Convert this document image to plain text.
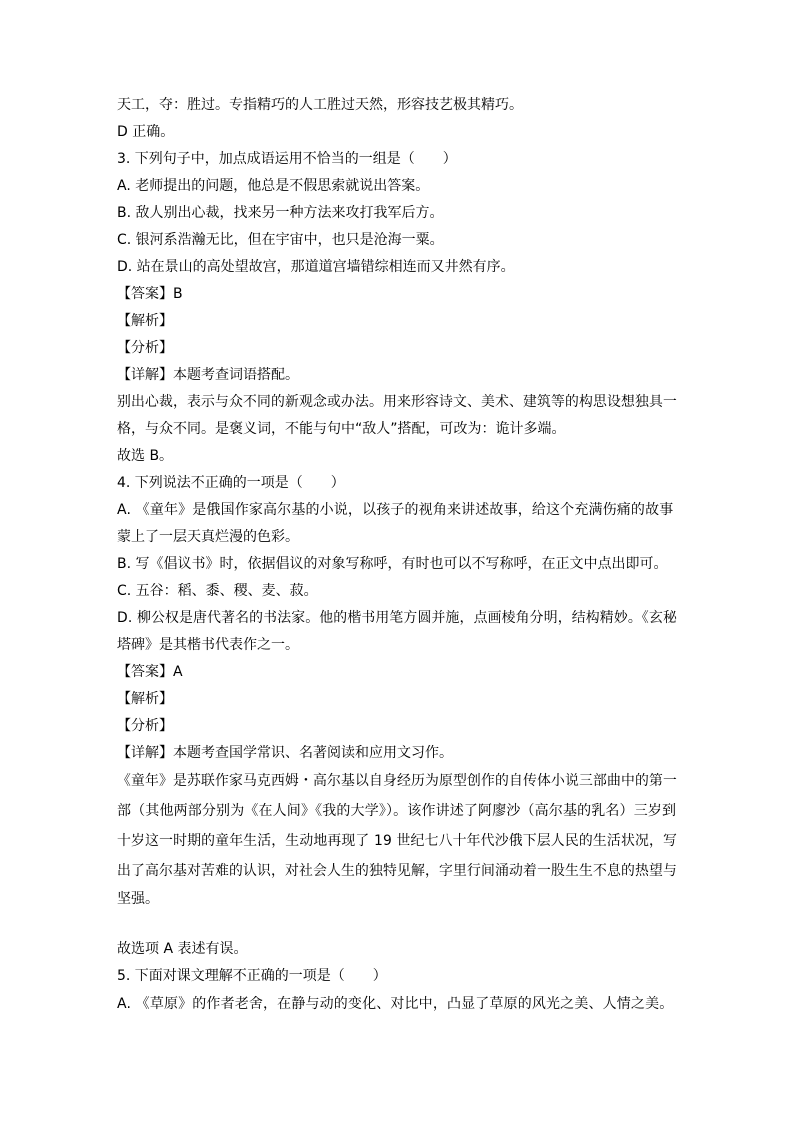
天工，夺：胜过。专指精巧的人工胜过天然，形容技艺极其精巧。
D 正确。
3. 下列句子中，加点成语运用不恰当的一组是（　　）
A. 老师提出的问题，他总是不假思索就说出答案。
B. 敌人别出心裁，找来另一种方法来攻打我军后方。
C. 银河系浩瀚无比，但在宇宙中，也只是沧海一粟。
D. 站在景山的高处望故宫，那道道宫墙错综相连而又井然有序。
【答案】B
【解析】
【分析】
【详解】本题考查词语搭配。
别出心裁，表示与众不同的新观念或办法。用来形容诗文、美术、建筑等的构思设想独具一
格，与众不同。是褒义词，不能与句中“敌人”搭配，可改为：诡计多端。
故选 B。
4. 下列说法不正确的一项是（　　）
A. 《童年》是俄国作家高尔基的小说，以孩子的视角来讲述故事，给这个充满伤痛的故事
蒙上了一层天真烂漫的色彩。
B. 写《倡议书》时，依据倡议的对象写称呼，有时也可以不写称呼，在正文中点出即可。
C. 五谷：稻、黍、稷、麦、菽。
D. 柳公权是唐代著名的书法家。他的楷书用笔方圆并施，点画棱角分明，结构精妙。《玄秘
塔碑》是其楷书代表作之一。
【答案】A
【解析】
【分析】
【详解】本题考查国学常识、名著阅读和应用文习作。
《童年》是苏联作家马克西姆・高尔基以自身经历为原型创作的自传体小说三部曲中的第一
部（其他两部分别为《在人间》《我的大学》）。该作讲述了阿廖沙（高尔基的乳名）三岁到
十岁这一时期的童年生活，生动地再现了 19 世纪七八十年代沙俄下层人民的生活状况，写
出了高尔基对苦难的认识，对社会人生的独特见解，字里行间涌动着一股生生不息的热望与
坚强。
故选项 A 表述有误。
5. 下面对课文理解不正确的一项是（　　）
A. 《草原》的作者老舍，在静与动的变化、对比中，凸显了草原的风光之美、人情之美。
